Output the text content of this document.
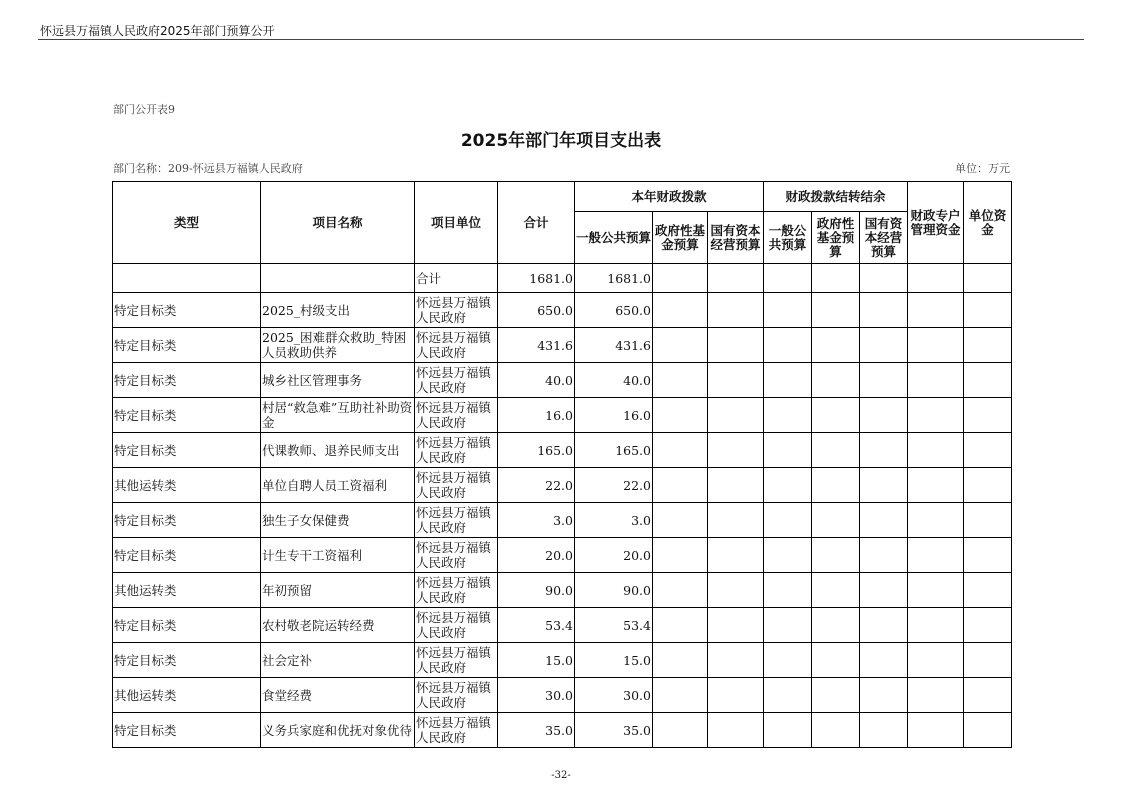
怀远县万福镇人民政府2025年部门预算公开
部门公开表9
2025年部门年项目支出表
部门名称：209-怀远县万福镇人民政府	单位：万元
类型	项目名称	项目单位	合计	本年财政拨款			财政拨款结转结余			财政专户管理资金	单位资金
				一般公共预算	政府性基金预算	国有资本经营预算	一般公共预算	政府性基金预算	国有资本经营预算		
		合计	1681.0	1681.0							
特定目标类	2025_村级支出	怀远县万福镇人民政府	650.0	650.0							
特定目标类	2025_困难群众救助_特困人员救助供养	怀远县万福镇人民政府	431.6	431.6							
特定目标类	城乡社区管理事务	怀远县万福镇人民政府	40.0	40.0							
特定目标类	村居“救急难”互助社补助资金	怀远县万福镇人民政府	16.0	16.0							
特定目标类	代课教师、退养民师支出	怀远县万福镇人民政府	165.0	165.0							
其他运转类	单位自聘人员工资福利	怀远县万福镇人民政府	22.0	22.0							
特定目标类	独生子女保健费	怀远县万福镇人民政府	3.0	3.0							
特定目标类	计生专干工资福利	怀远县万福镇人民政府	20.0	20.0							
其他运转类	年初预留	怀远县万福镇人民政府	90.0	90.0							
特定目标类	农村敬老院运转经费	怀远县万福镇人民政府	53.4	53.4							
特定目标类	社会定补	怀远县万福镇人民政府	15.0	15.0							
其他运转类	食堂经费	怀远县万福镇人民政府	30.0	30.0							
特定目标类	义务兵家庭和优抚对象优待	怀远县万福镇人民政府	35.0	35.0							
-32-
